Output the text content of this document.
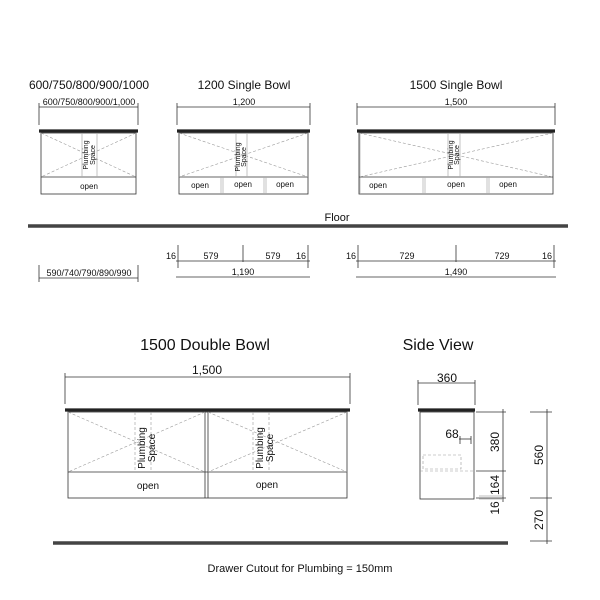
600/750/800/900/1000	1200 Single Bowl	1500 Single Bowl
600/750/800/900/1,000
Plumbing Space
open
590/740/790/890/990
1,200
Plumbing Space
open	open	open
16	579	579 16
1,190
1,500
Plumbing Space
open	open	open
16	729	729	16
1,490
Floor
1500 Double Bowl
1,500
Plumbing Space	Plumbing Space
open	open
Side View
360
68 380
164
16
560
270
Drawer Cutout for Plumbing = 150mm
